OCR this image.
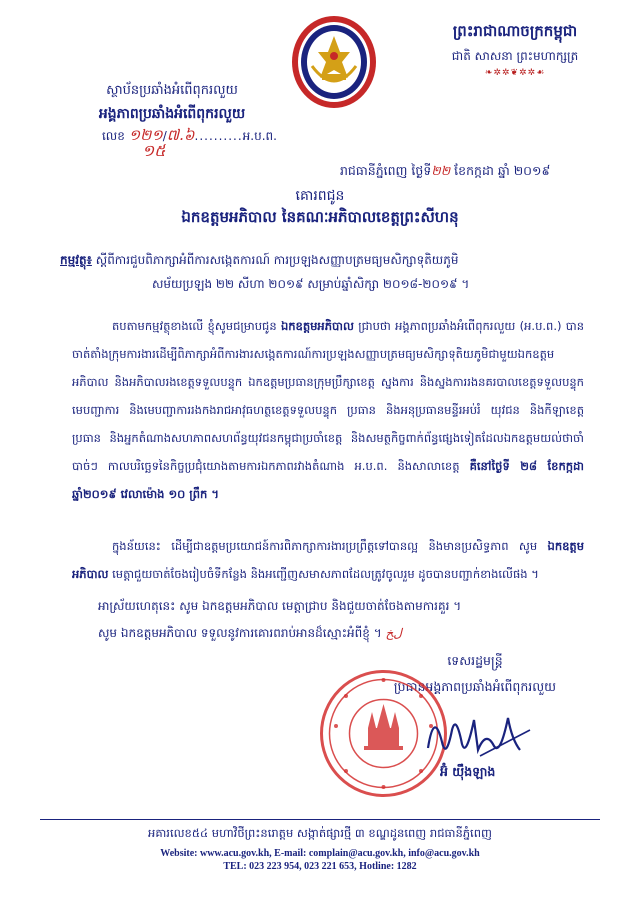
ព្រះរាជាណាចក្រកម្ពុជា
ជាតិ សាសនា ព្រះមហាក្សត្រ
❧✲✲❦✲✲☙
ស្ថាប័នប្រឆាំងអំពើពុករលួយ
អង្គភាពប្រឆាំងអំពើពុករលួយ
លេខ ១២១/៧.៦..........អ.ប.ព.
១៥
រាជធានីភ្នំពេញ ថ្ងៃទី២២ ខែកក្កដា ឆ្នាំ ២០១៩
គោរពជូន
ឯកឧត្តមអភិបាល នៃគណៈអភិបាលខេត្តព្រះសីហនុ
កម្មវត្ថុ៖ ស្តីពីការជួបពិភាក្សាអំពីការសង្កេតការណ៍ ការប្រឡងសញ្ញាបត្រមធ្យមសិក្សាទុតិយភូមិ
សម័យប្រឡង ២២ សីហា ២០១៩ សម្រាប់ឆ្នាំសិក្សា ២០១៨-២០១៩ ។

តបតាមកម្មវត្ថុខាងលើ ខ្ញុំសូមជម្រាបជូន ឯកឧត្តមអភិបាល ជ្រាបថា អង្គភាពប្រឆាំងអំពើពុករលួយ (អ.ប.ព.) បានចាត់តាំងក្រុមការងារដើម្បីពិភាក្សាអំពីការងារសង្កេតការណ៍ការប្រឡងសញ្ញាបត្រមធ្យមសិក្សាទុតិយភូមិជាមួយឯកឧត្តមអភិបាល និងអភិបាលរងខេត្តទទួលបន្ទុក ឯកឧត្តមប្រធានក្រុមប្រឹក្សាខេត្ត ស្នងការ និងស្នងការរងនគរបាលខេត្តទទួលបន្ទុក មេបញ្ជាការ និងមេបញ្ជាការរងកងរាជអាវុធហត្ថខេត្តទទួលបន្ទុក ប្រធាន និងអនុប្រធានមន្ទីរអប់រំ យុវជន និងកីឡាខេត្ត ប្រធាន និងអ្នកតំណាងសហភាពសហព័ន្ធយុវជនកម្ពុជាប្រចាំខេត្ត និងសមត្ថកិច្ចពាក់ព័ន្ធផ្សេងទៀតដែលឯកឧត្តមយល់ថាចាំបាច់ៗ កាលបរិច្ឆេទនៃកិច្ចប្រជុំយោងតាមការឯកភាពរវាងតំណាង អ.ប.ព. និងសាលាខេត្ត គឺនៅថ្ងៃទី ២៨ ខែកក្កដា ឆ្នាំ២០១៩ វេលាម៉ោង ១០ ព្រឹក ។

ក្នុងន័យនេះ ដើម្បីជាឧត្តមប្រយោជន៍ការពិភាក្សាការងារប្រព្រឹត្តទៅបានល្អ និងមានប្រសិទ្ធភាព សូម ឯកឧត្តមអភិបាល មេត្តាជួយចាត់ចែងរៀបចំទីកន្លែង និងអញ្ជើញសមាសភាពដែលត្រូវចូលរួម ដូចបានបញ្ជាក់ខាងលើផង ។

អាស្រ័យហេតុនេះ សូម ឯកឧត្តមអភិបាល មេត្តាជ្រាប និងជួយចាត់ចែងតាមការគួរ ។
សូម ឯកឧត្តមអភិបាល ទទួលនូវការគោរពរាប់អានដ៏ស្មោះអំពីខ្ញុំ ។ ﻝﺦ
ទេសរដ្ឋមន្ត្រី
ប្រធានអង្គភាពប្រឆាំងអំពើពុករលួយ
អ៊ំ យ៉ឹងឡាង
អគារលេខ៥៤ មហាវិថីព្រះនរោត្តម សង្កាត់ផ្សារថ្មី ៣ ខណ្ឌដូនពេញ រាជធានីភ្នំពេញ
Website: www.acu.gov.kh, E-mail: complain@acu.gov.kh, info@acu.gov.kh
TEL: 023 223 954, 023 221 653, Hotline: 1282
